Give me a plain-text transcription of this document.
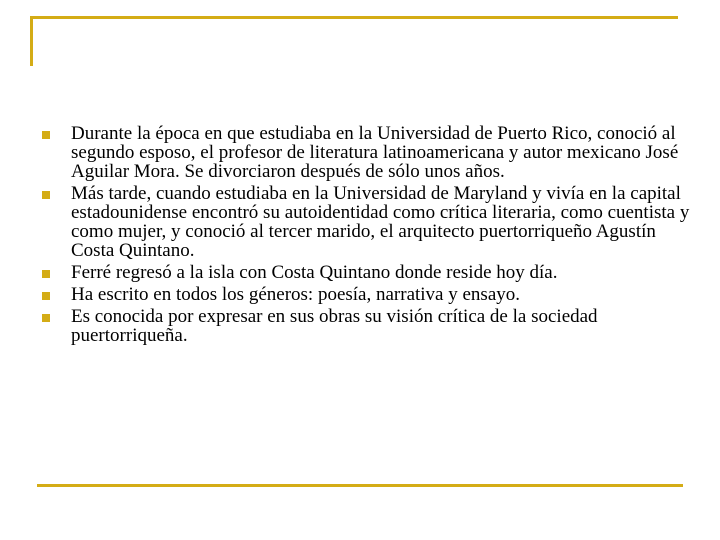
Durante la época en que estudiaba en la Universidad de Puerto Rico, conoció al segundo esposo, el profesor de literatura latinoamericana y autor mexicano José Aguilar Mora. Se divorciaron después de sólo unos años.
Más tarde, cuando estudiaba en la Universidad de Maryland y vivía en la capital estadounidense encontró su autoidentidad como crítica literaria, como cuentista y como mujer, y conoció al tercer marido, el arquitecto puertorriqueño Agustín Costa Quintano.
Ferré regresó a la isla con Costa Quintano donde reside hoy día.
Ha escrito en todos los géneros: poesía, narrativa y ensayo.
Es conocida por expresar en sus obras su visión crítica de la sociedad puertorriqueña.
